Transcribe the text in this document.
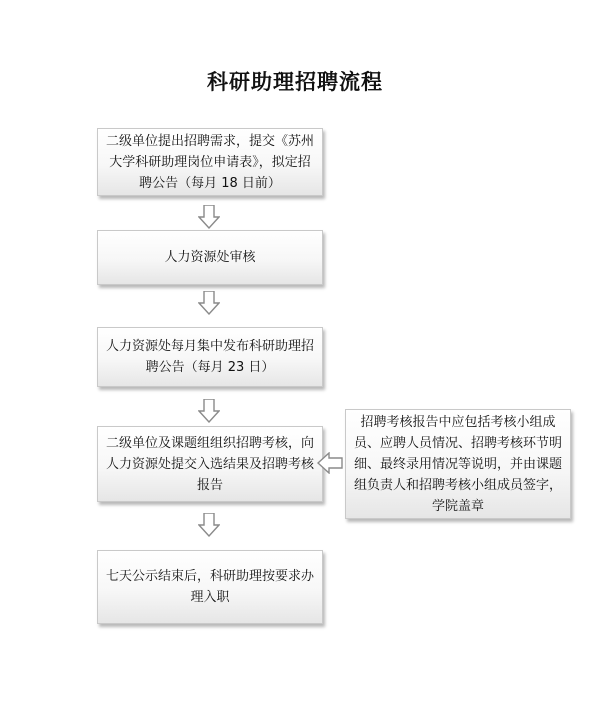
科研助理招聘流程
二级单位提出招聘需求，提交《苏州大学科研助理岗位申请表》，拟定招聘公告（每月 18 日前）
人力资源处审核
人力资源处每月集中发布科研助理招聘公告（每月 23 日）
二级单位及课题组组织招聘考核，向人力资源处提交入选结果及招聘考核报告
招聘考核报告中应包括考核小组成员、应聘人员情况、招聘考核环节明细、最终录用情况等说明，并由课题组负责人和招聘考核小组成员签字，学院盖章
七天公示结束后，科研助理按要求办理入职
